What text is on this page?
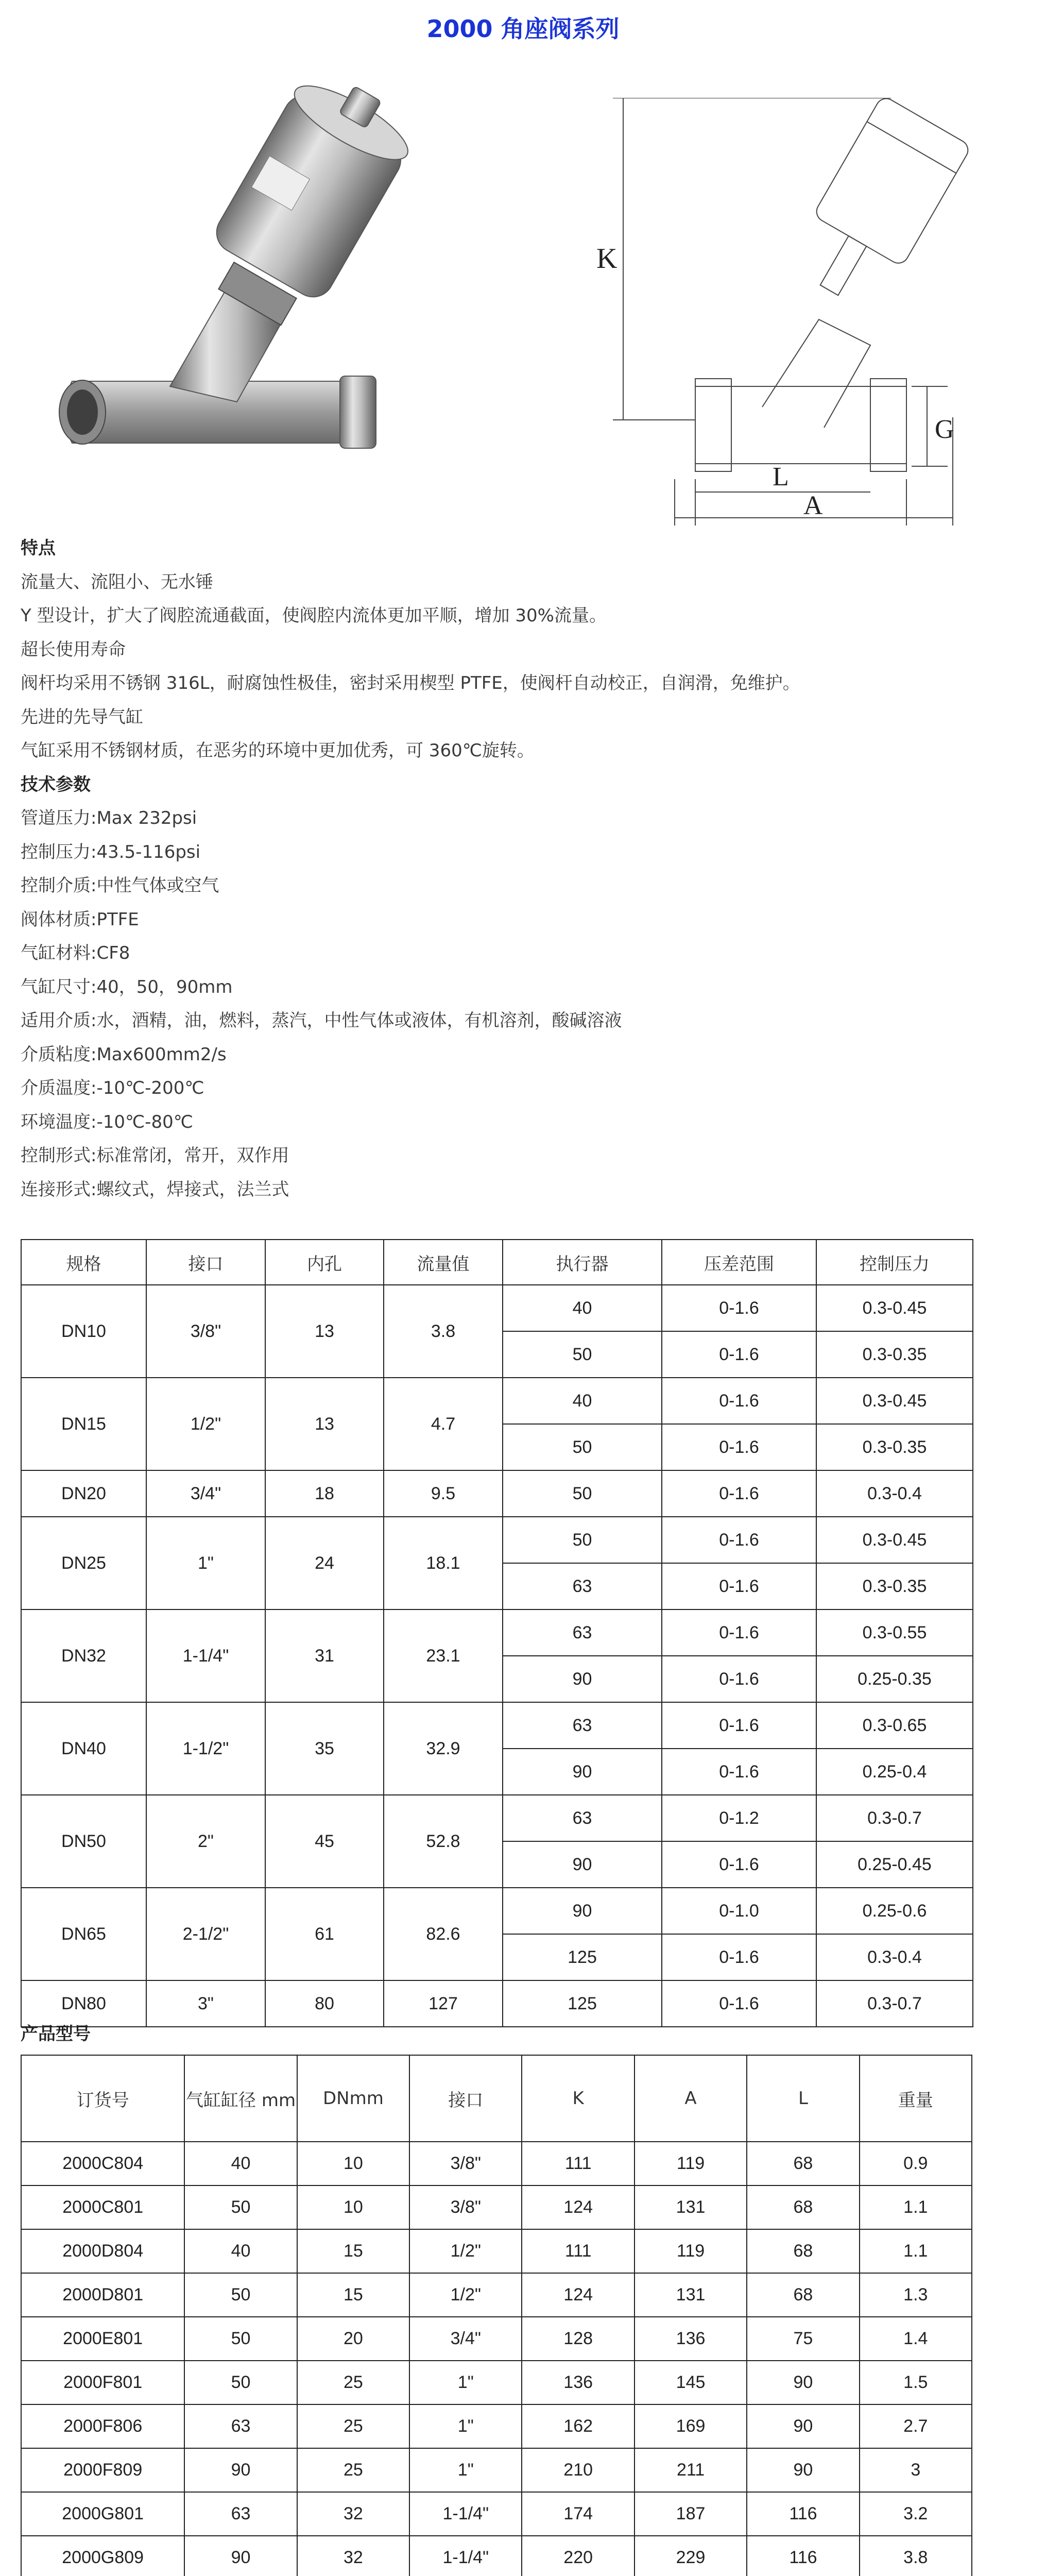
2000 角座阀系列
K
G
L
A
特点
流量大、流阻小、无水锤
Y 型设计，扩大了阀腔流通截面，使阀腔内流体更加平顺，增加 30%流量。
超长使用寿命
阀杆均采用不锈钢 316L，耐腐蚀性极佳，密封采用楔型 PTFE，使阀杆自动校正，自润滑，免维护。
先进的先导气缸
气缸采用不锈钢材质，在恶劣的环境中更加优秀，可 360℃旋转。
技术参数
管道压力: Max 232psi
控制压力: 43.5-116psi
控制介质: 中性气体或空气
阀体材质: PTFE
气缸材料: CF8
气缸尺寸: 40，50，90mm
适用介质: 水，酒精，油，燃料，蒸汽，中性气体或液体，有机溶剂，酸碱溶液
介质粘度: Max600mm2/s
介质温度: -10℃-200℃
环境温度: -10℃-80℃
控制形式: 标准常闭，常开，双作用
连接形式: 螺纹式，焊接式，法兰式
规格	接口	内孔	流量值	执行器	压差范围	控制压力
DN10	3/8"	13	3.8	40	0-1.6	0.3-0.45
				50	0-1.6	0.3-0.35
DN15	1/2"	13	4.7	40	0-1.6	0.3-0.45
				50	0-1.6	0.3-0.35
DN20	3/4"	18	9.5	50	0-1.6	0.3-0.4
DN25	1"	24	18.1	50	0-1.6	0.3-0.45
				63	0-1.6	0.3-0.35
DN32	1-1/4"	31	23.1	63	0-1.6	0.3-0.55
				90	0-1.6	0.25-0.35
DN40	1-1/2"	35	32.9	63	0-1.6	0.3-0.65
				90	0-1.6	0.25-0.4
DN50	2"	45	52.8	63	0-1.2	0.3-0.7
				90	0-1.6	0.25-0.45
DN65	2-1/2"	61	82.6	90	0-1.0	0.25-0.6
				125	0-1.6	0.3-0.4
DN80	3"	80	127	125	0-1.6	0.3-0.7
产品型号
订货号	气缸缸径 mm	DNmm	接口	K	A	L	重量
2000C804	40	10	3/8"	111	119	68	0.9
2000C801	50	10	3/8"	124	131	68	1.1
2000D804	40	15	1/2"	111	119	68	1.1
2000D801	50	15	1/2"	124	131	68	1.3
2000E801	50	20	3/4"	128	136	75	1.4
2000F801	50	25	1"	136	145	90	1.5
2000F806	63	25	1"	162	169	90	2.7
2000F809	90	25	1"	210	211	90	3
2000G801	63	32	1-1/4"	174	187	116	3.2
2000G809	90	32	1-1/4"	220	229	116	3.8
